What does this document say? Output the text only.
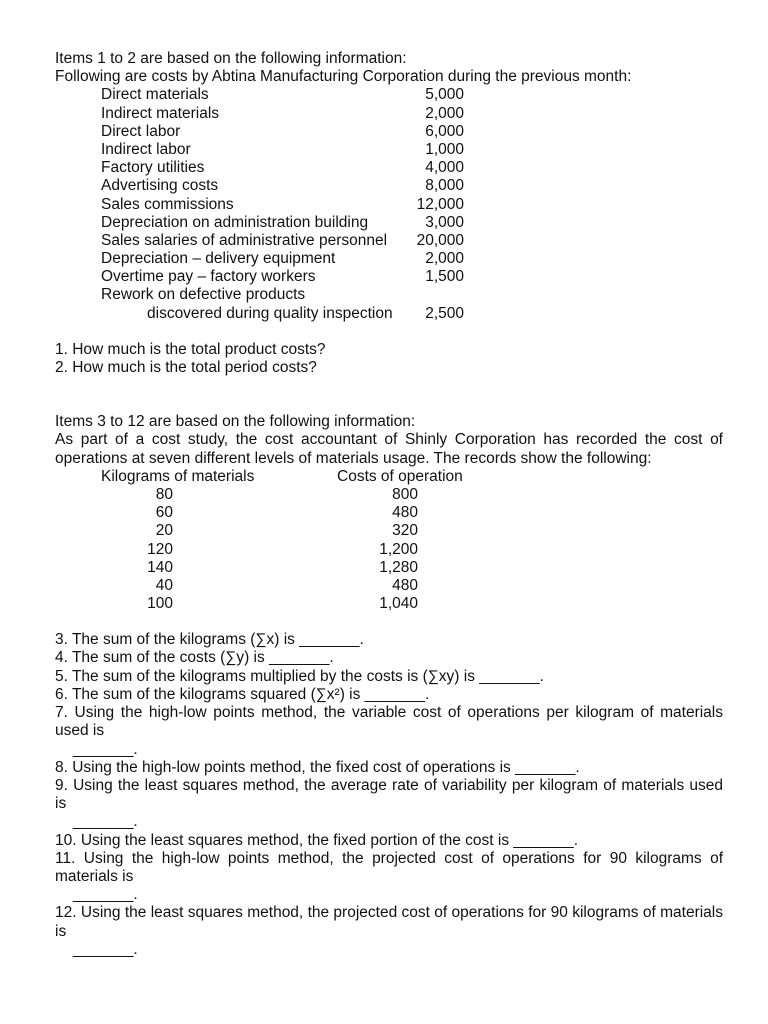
Items 1 to 2 are based on the following information:
Following are costs by Abtina Manufacturing Corporation during the previous month:
Direct materials	5,000
Indirect materials	2,000
Direct labor	6,000
Indirect labor	1,000
Factory utilities	4,000
Advertising costs	8,000
Sales commissions	12,000
Depreciation on administration building	3,000
Sales salaries of administrative personnel 20,000
Depreciation – delivery equipment	2,000
Overtime pay – factory workers	1,500
Rework on defective products
discovered during quality inspection 2,500
1. How much is the total product costs?
2. How much is the total period costs?
Items 3 to 12 are based on the following information:
As part of a cost study, the cost accountant of Shinly Corporation has recorded the cost of operations at seven different levels of materials usage. The records show the following:
Kilograms of materials	Costs of operation
80	800
60	480
20	320
120	1,200
140	1,280
40	480
100	1,040
3. The sum of the kilograms (∑x) is _______.
4. The sum of the costs (∑y) is _______.
5. The sum of the kilograms multiplied by the costs is (∑xy) is _______.
6. The sum of the kilograms squared (∑x²) is _______.
7. Using the high-low points method, the variable cost of operations per kilogram of materials used is
_______.
8. Using the high-low points method, the fixed cost of operations is _______.
9. Using the least squares method, the average rate of variability per kilogram of materials used is
_______.
10. Using the least squares method, the fixed portion of the cost is _______.
11. Using the high-low points method, the projected cost of operations for 90 kilograms of materials is
_______.
12. Using the least squares method, the projected cost of operations for 90 kilograms of materials is
_______.
